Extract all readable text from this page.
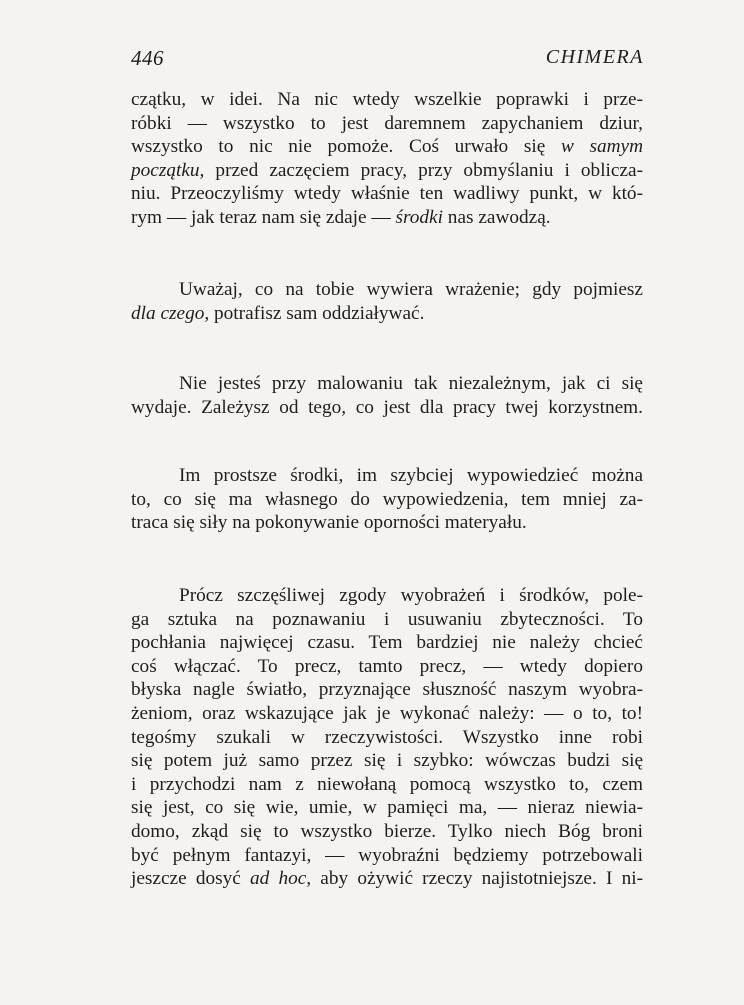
446	CHIMERA

czątku, w idei. Na nic wtedy wszelkie poprawki i prze-
róbki — wszystko to jest daremnem zapychaniem dziur,
wszystko to nic nie pomoże. Coś urwało się w samym
początku, przed zaczęciem pracy, przy obmyślaniu i oblicza-
niu. Przeoczyliśmy wtedy właśnie ten wadliwy punkt, w któ-
rym — jak teraz nam się zdaje — środki nas zawodzą.

Uważaj, co na tobie wywiera wrażenie; gdy pojmiesz
dla czego, potrafisz sam oddziaływać.

Nie jesteś przy malowaniu tak niezależnym, jak ci się
wydaje. Zależysz od tego, co jest dla pracy twej korzystnem.

Im prostsze środki, im szybciej wypowiedzieć można
to, co się ma własnego do wypowiedzenia, tem mniej za-
traca się siły na pokonywanie oporności materyału.

Prócz szczęśliwej zgody wyobrażeń i środków, pole-
ga sztuka na poznawaniu i usuwaniu zbyteczności. To
pochłania najwięcej czasu. Tem bardziej nie należy chcieć
coś włączać. To precz, tamto precz, — wtedy dopiero
błyska nagle światło, przyznające słuszność naszym wyobra-
żeniom, oraz wskazujące jak je wykonać należy: — o to, to!
tegośmy szukali w rzeczywistości. Wszystko inne robi
się potem już samo przez się i szybko: wówczas budzi się
i przychodzi nam z niewołaną pomocą wszystko to, czem
się jest, co się wie, umie, w pamięci ma, — nieraz niewia-
domo, zkąd się to wszystko bierze. Tylko niech Bóg broni
być pełnym fantazyi, — wyobraźni będziemy potrzebowali
jeszcze dosyć ad hoc, aby ożywić rzeczy najistotniejsze. I ni-
